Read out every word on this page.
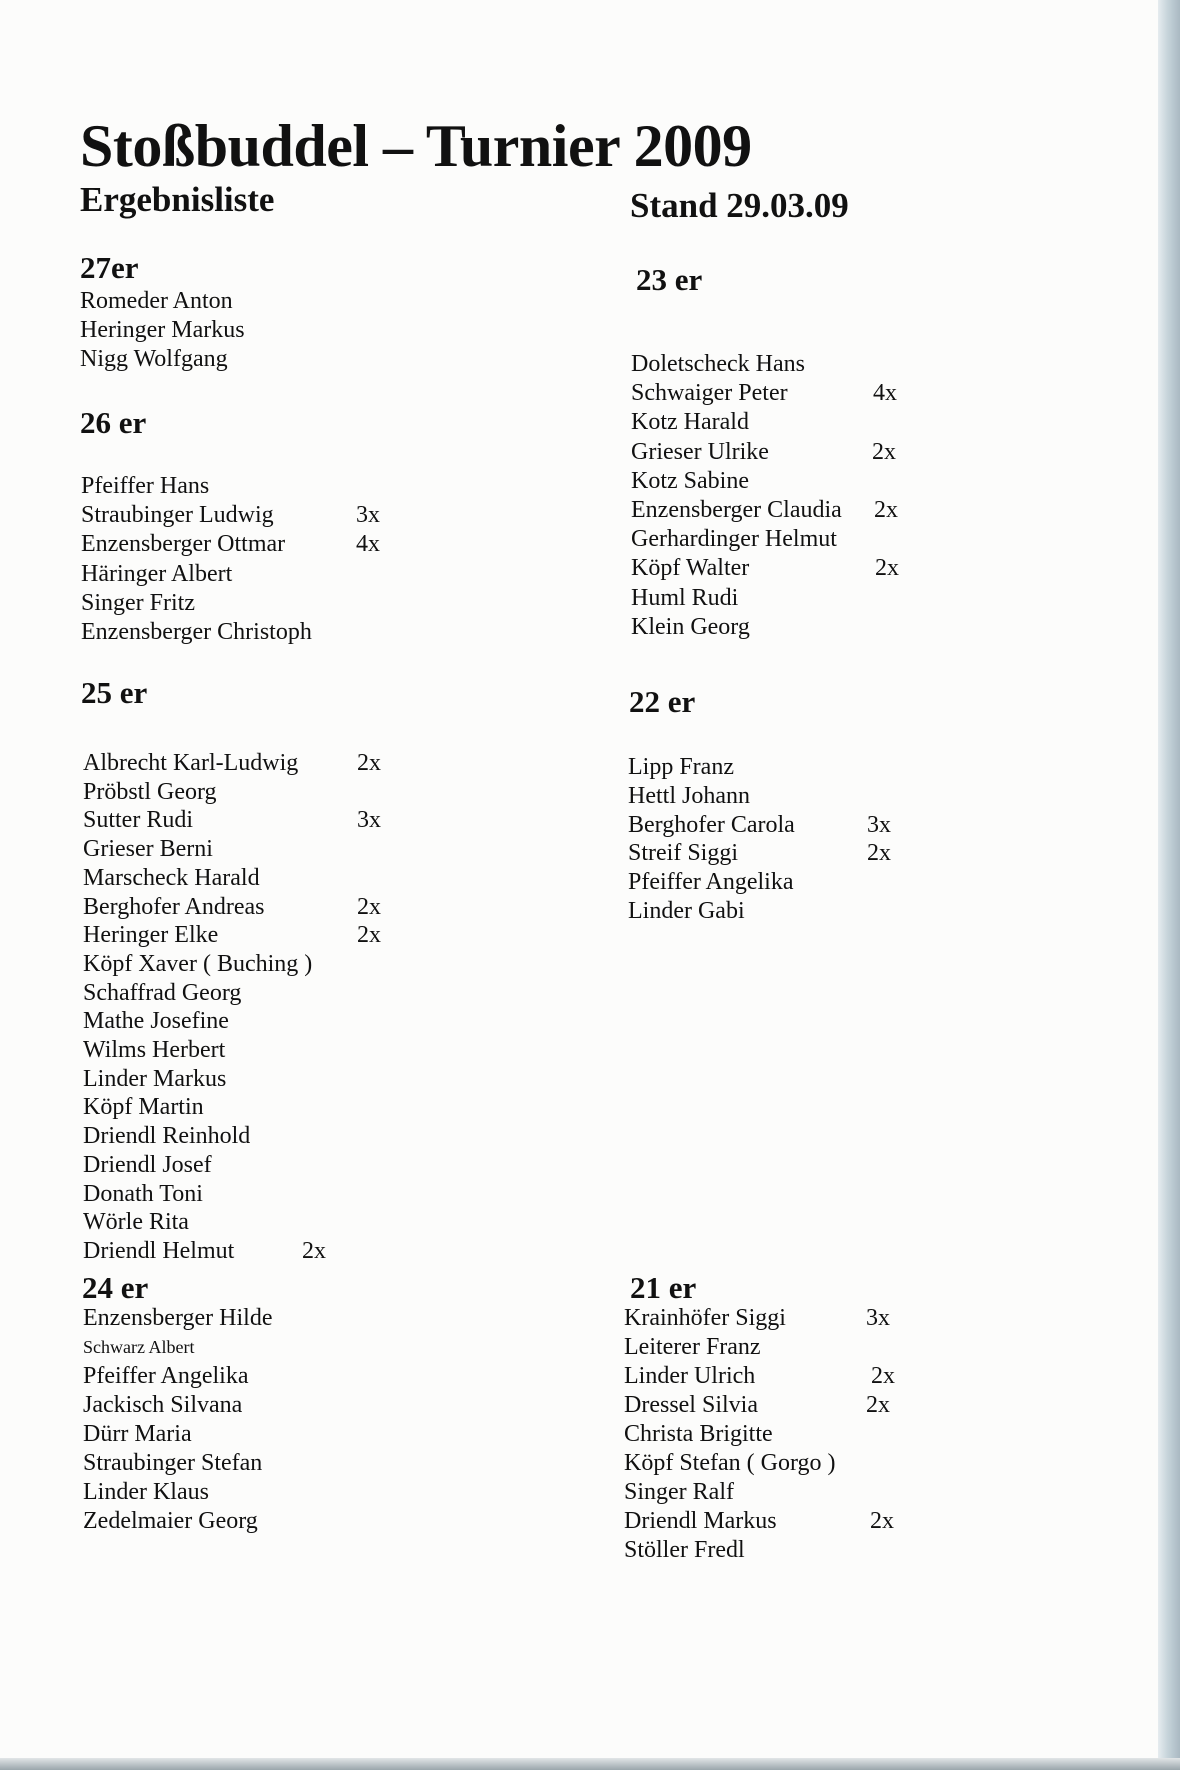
Stoßbuddel – Turnier 2009
Ergebnisliste	Stand 29.03.09
27er
Romeder Anton
Heringer Markus
Nigg Wolfgang
26 er
Pfeiffer Hans
Straubinger Ludwig	3x
Enzensberger Ottmar	4x
Häringer Albert
Singer Fritz
Enzensberger Christoph
25 er
Albrecht Karl-Ludwig 2x
Pröbstl Georg
Sutter Rudi	3x
Grieser Berni
Marscheck Harald
Berghofer Andreas	2x
Heringer Elke	2x
Köpf Xaver ( Buching )
Schaffrad Georg
Mathe Josefine
Wilms Herbert
Linder Markus
Köpf Martin
Driendl Reinhold
Driendl Josef
Donath Toni
Wörle Rita
Driendl Helmut	2x
24 er
Enzensberger Hilde
Schwarz Albert
Pfeiffer Angelika
Jackisch Silvana
Dürr Maria
Straubinger Stefan
Linder Klaus
Zedelmaier Georg
23 er
Doletscheck Hans
Schwaiger Peter	4x
Kotz Harald
Grieser Ulrike	2x
Kotz Sabine
Enzensberger Claudia 2x
Gerhardinger Helmut
Köpf Walter	2x
Huml Rudi
Klein Georg
22 er
Lipp Franz
Hettl Johann
Berghofer Carola	3x
Streif Siggi	2x
Pfeiffer Angelika
Linder Gabi
21 er
Krainhöfer Siggi	3x
Leiterer Franz
Linder Ulrich	2x
Dressel Silvia	2x
Christa Brigitte
Köpf Stefan ( Gorgo )
Singer Ralf
Driendl Markus	2x
Stöller Fredl
